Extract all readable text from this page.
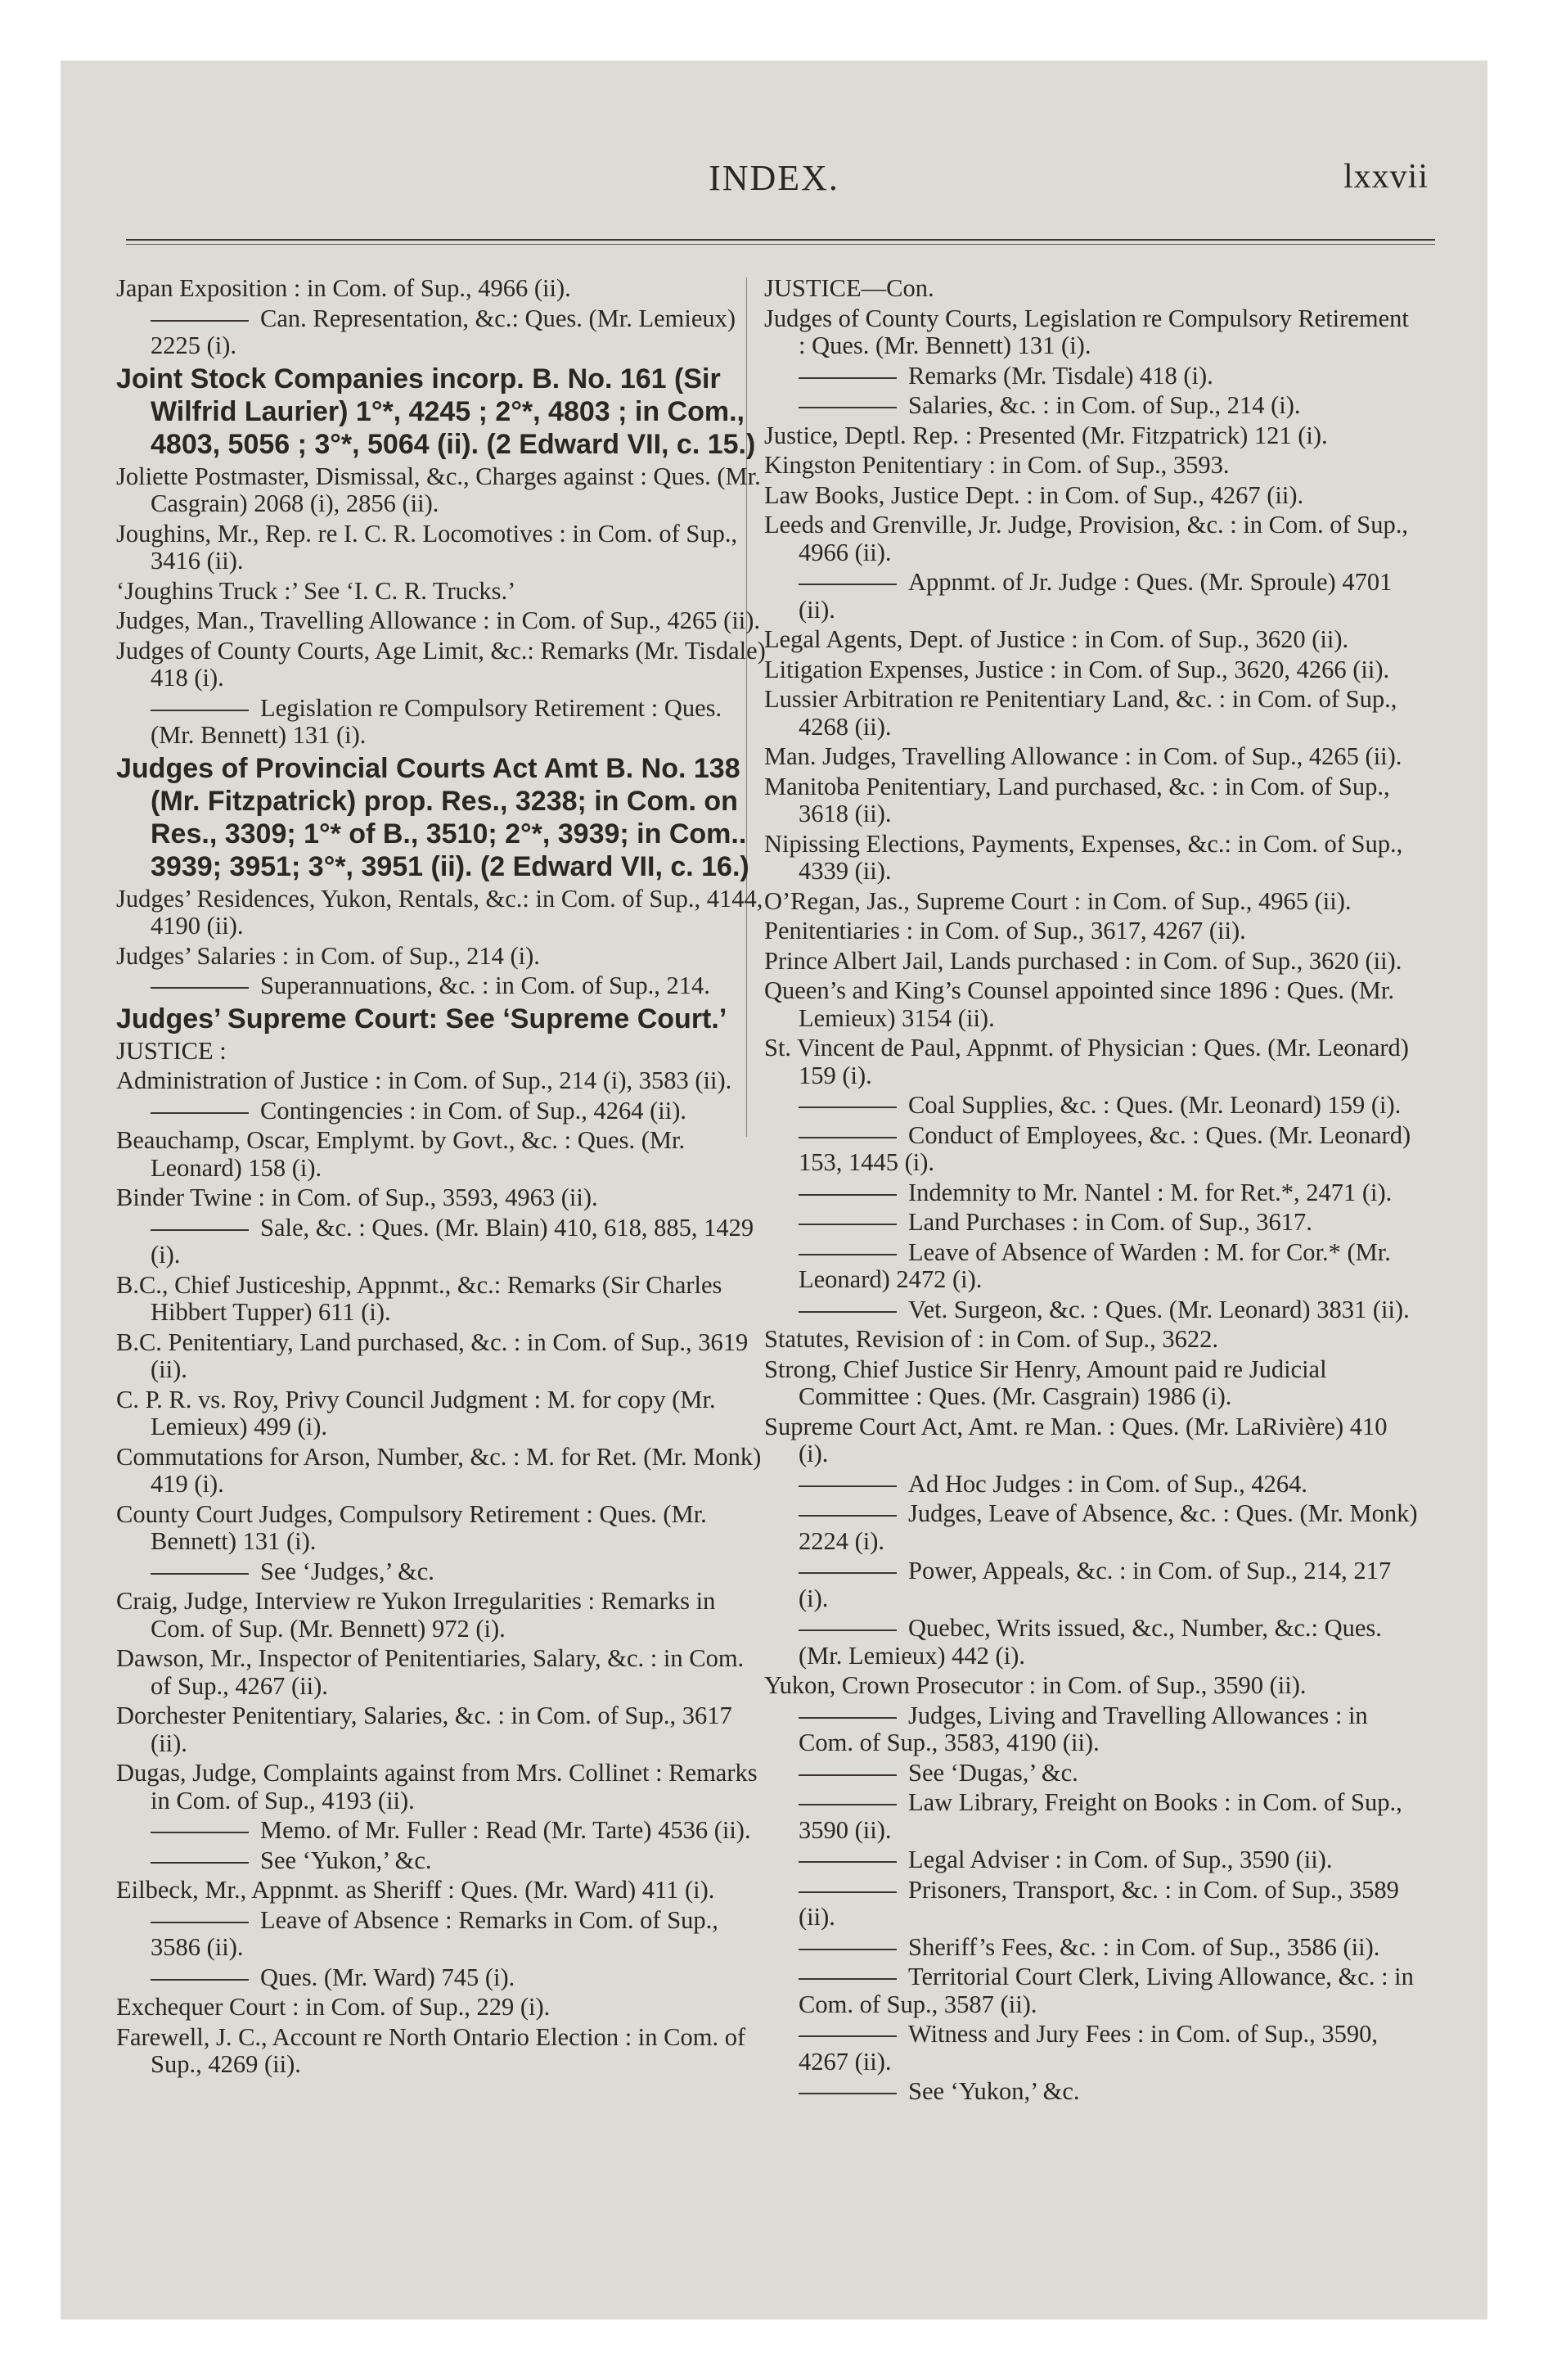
INDEX.	lxxvii
Japan Exposition : in Com. of Sup., 4966 (ii).
Can. Representation, &c.: Ques. (Mr. Lemieux) 2225 (i).
Joint Stock Companies incorp. B. No. 161 (Sir Wilfrid Laurier) 1°*, 4245 ; 2°*, 4803 ; in Com., 4803, 5056 ; 3°*, 5064 (ii). (2 Edward VII, c. 15.)
Joliette Postmaster, Dismissal, &c., Charges against : Ques. (Mr. Casgrain) 2068 (i), 2856 (ii).
Joughins, Mr., Rep. re I. C. R. Locomotives : in Com. of Sup., 3416 (ii).
‘Joughins Truck :’ See ‘I. C. R. Trucks.’
Judges, Man., Travelling Allowance : in Com. of Sup., 4265 (ii).
Judges of County Courts, Age Limit, &c.: Remarks (Mr. Tisdale) 418 (i).
Legislation re Compulsory Retirement : Ques. (Mr. Bennett) 131 (i).
Judges of Provincial Courts Act Amt B. No. 138 (Mr. Fitzpatrick) prop. Res., 3238; in Com. on Res., 3309; 1°* of B., 3510; 2°*, 3939; in Com.. 3939; 3951; 3°*, 3951 (ii). (2 Edward VII, c. 16.)
Judges’ Residences, Yukon, Rentals, &c.: in Com. of Sup., 4144, 4190 (ii).
Judges’ Salaries : in Com. of Sup., 214 (i).
Superannuations, &c. : in Com. of Sup., 214.
Judges’ Supreme Court: See ‘Supreme Court.’
JUSTICE :
Administration of Justice : in Com. of Sup., 214 (i), 3583 (ii).
Contingencies : in Com. of Sup., 4264 (ii).
Beauchamp, Oscar, Emplymt. by Govt., &c. : Ques. (Mr. Leonard) 158 (i).
Binder Twine : in Com. of Sup., 3593, 4963 (ii).
Sale, &c. : Ques. (Mr. Blain) 410, 618, 885, 1429 (i).
B.C., Chief Justiceship, Appnmt., &c.: Remarks (Sir Charles Hibbert Tupper) 611 (i).
B.C. Penitentiary, Land purchased, &c. : in Com. of Sup., 3619 (ii).
C. P. R. vs. Roy, Privy Council Judgment : M. for copy (Mr. Lemieux) 499 (i).
Commutations for Arson, Number, &c. : M. for Ret. (Mr. Monk) 419 (i).
County Court Judges, Compulsory Retirement : Ques. (Mr. Bennett) 131 (i).
See ‘Judges,’ &c.
Craig, Judge, Interview re Yukon Irregularities : Remarks in Com. of Sup. (Mr. Bennett) 972 (i).
Dawson, Mr., Inspector of Penitentiaries, Salary, &c. : in Com. of Sup., 4267 (ii).
Dorchester Penitentiary, Salaries, &c. : in Com. of Sup., 3617 (ii).
Dugas, Judge, Complaints against from Mrs. Collinet : Remarks in Com. of Sup., 4193 (ii).
Memo. of Mr. Fuller : Read (Mr. Tarte) 4536 (ii).
See ‘Yukon,’ &c.
Eilbeck, Mr., Appnmt. as Sheriff : Ques. (Mr. Ward) 411 (i).
Leave of Absence : Remarks in Com. of Sup., 3586 (ii).
Ques. (Mr. Ward) 745 (i).
Exchequer Court : in Com. of Sup., 229 (i).
Farewell, J. C., Account re North Ontario Election : in Com. of Sup., 4269 (ii).
JUSTICE—Con.
Judges of County Courts, Legislation re Compulsory Retirement : Ques. (Mr. Bennett) 131 (i).
Remarks (Mr. Tisdale) 418 (i).
Salaries, &c. : in Com. of Sup., 214 (i).
Justice, Deptl. Rep. : Presented (Mr. Fitzpatrick) 121 (i).
Kingston Penitentiary : in Com. of Sup., 3593.
Law Books, Justice Dept. : in Com. of Sup., 4267 (ii).
Leeds and Grenville, Jr. Judge, Provision, &c. : in Com. of Sup., 4966 (ii).
Appnmt. of Jr. Judge : Ques. (Mr. Sproule) 4701 (ii).
Legal Agents, Dept. of Justice : in Com. of Sup., 3620 (ii).
Litigation Expenses, Justice : in Com. of Sup., 3620, 4266 (ii).
Lussier Arbitration re Penitentiary Land, &c. : in Com. of Sup., 4268 (ii).
Man. Judges, Travelling Allowance : in Com. of Sup., 4265 (ii).
Manitoba Penitentiary, Land purchased, &c. : in Com. of Sup., 3618 (ii).
Nipissing Elections, Payments, Expenses, &c.: in Com. of Sup., 4339 (ii).
O’Regan, Jas., Supreme Court : in Com. of Sup., 4965 (ii).
Penitentiaries : in Com. of Sup., 3617, 4267 (ii).
Prince Albert Jail, Lands purchased : in Com. of Sup., 3620 (ii).
Queen’s and King’s Counsel appointed since 1896 : Ques. (Mr. Lemieux) 3154 (ii).
St. Vincent de Paul, Appnmt. of Physician : Ques. (Mr. Leonard) 159 (i).
Coal Supplies, &c. : Ques. (Mr. Leonard) 159 (i).
Conduct of Employees, &c. : Ques. (Mr. Leonard) 153, 1445 (i).
Indemnity to Mr. Nantel : M. for Ret.*, 2471 (i).
Land Purchases : in Com. of Sup., 3617.
Leave of Absence of Warden : M. for Cor.* (Mr. Leonard) 2472 (i).
Vet. Surgeon, &c. : Ques. (Mr. Leonard) 3831 (ii).
Statutes, Revision of : in Com. of Sup., 3622.
Strong, Chief Justice Sir Henry, Amount paid re Judicial Committee : Ques. (Mr. Casgrain) 1986 (i).
Supreme Court Act, Amt. re Man. : Ques. (Mr. LaRivière) 410 (i).
Ad Hoc Judges : in Com. of Sup., 4264.
Judges, Leave of Absence, &c. : Ques. (Mr. Monk) 2224 (i).
Power, Appeals, &c. : in Com. of Sup., 214, 217 (i).
Quebec, Writs issued, &c., Number, &c.: Ques. (Mr. Lemieux) 442 (i).
Yukon, Crown Prosecutor : in Com. of Sup., 3590 (ii).
Judges, Living and Travelling Allowances : in Com. of Sup., 3583, 4190 (ii).
See ‘Dugas,’ &c.
Law Library, Freight on Books : in Com. of Sup., 3590 (ii).
Legal Adviser : in Com. of Sup., 3590 (ii).
Prisoners, Transport, &c. : in Com. of Sup., 3589 (ii).
Sheriff’s Fees, &c. : in Com. of Sup., 3586 (ii).
Territorial Court Clerk, Living Allowance, &c. : in Com. of Sup., 3587 (ii).
Witness and Jury Fees : in Com. of Sup., 3590, 4267 (ii).
See ‘Yukon,’ &c.
